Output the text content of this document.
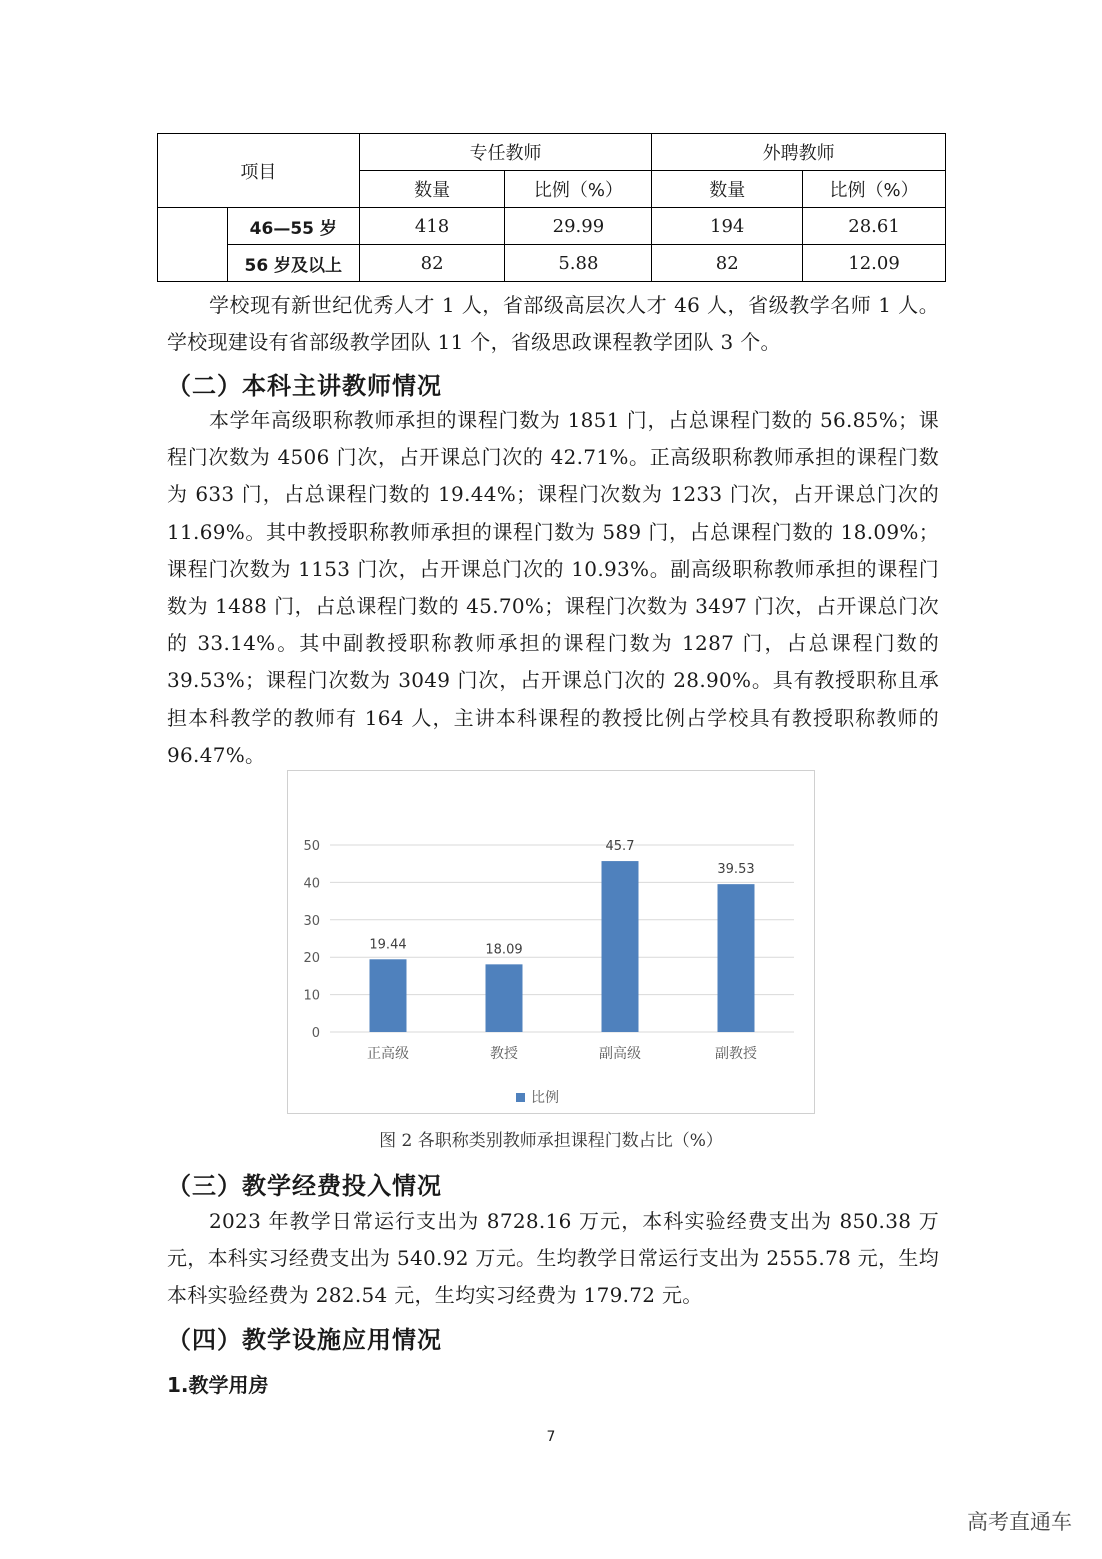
项目		专任教师		外聘教师	
		数量	比例（%）	数量	比例（%）
	46—55 岁	418	29.99	194	28.61
	56 岁及以上	82	5.88	82	12.09

学校现有新世纪优秀人才 1 人，省部级高层次人才 46 人，省级教学名师 1 人。学校现建设有省部级教学团队 11 个，省级思政课程教学团队 3 个。

（二）本科主讲教师情况

本学年高级职称教师承担的课程门数为 1851 门，占总课程门数的 56.85%；课程门次数为 4506 门次，占开课总门次的 42.71%。正高级职称教师承担的课程门数为 633 门，占总课程门数的 19.44%；课程门次数为 1233 门次，占开课总门次的 11.69%。其中教授职称教师承担的课程门数为 589 门，占总课程门数的 18.09%；课程门次数为 1153 门次，占开课总门次的 10.93%。副高级职称教师承担的课程门数为 1488 门，占总课程门数的 45.70%；课程门次数为 3497 门次，占开课总门次的 33.14%。其中副教授职称教师承担的课程门数为 1287 门，占总课程门数的 39.53%；课程门次数为 3049 门次，占开课总门次的 28.90%。具有教授职称且承担本科教学的教师有 164 人，主讲本科课程的教授比例占学校具有教授职称教师的 96.47%。

0
10
20
30
40
50
19.44
正高级
18.09
教授
45.7
副高级
39.53
副教授
比例
图 2 各职称类别教师承担课程门数占比（%）
（三）教学经费投入情况

2023 年教学日常运行支出为 8728.16 万元，本科实验经费支出为 850.38 万元，本科实习经费支出为 540.92 万元。生均教学日常运行支出为 2555.78 元，生均本科实验经费为 282.54 元，生均实习经费为 179.72 元。

（四）教学设施应用情况
1.教学用房
7
高考直通车
